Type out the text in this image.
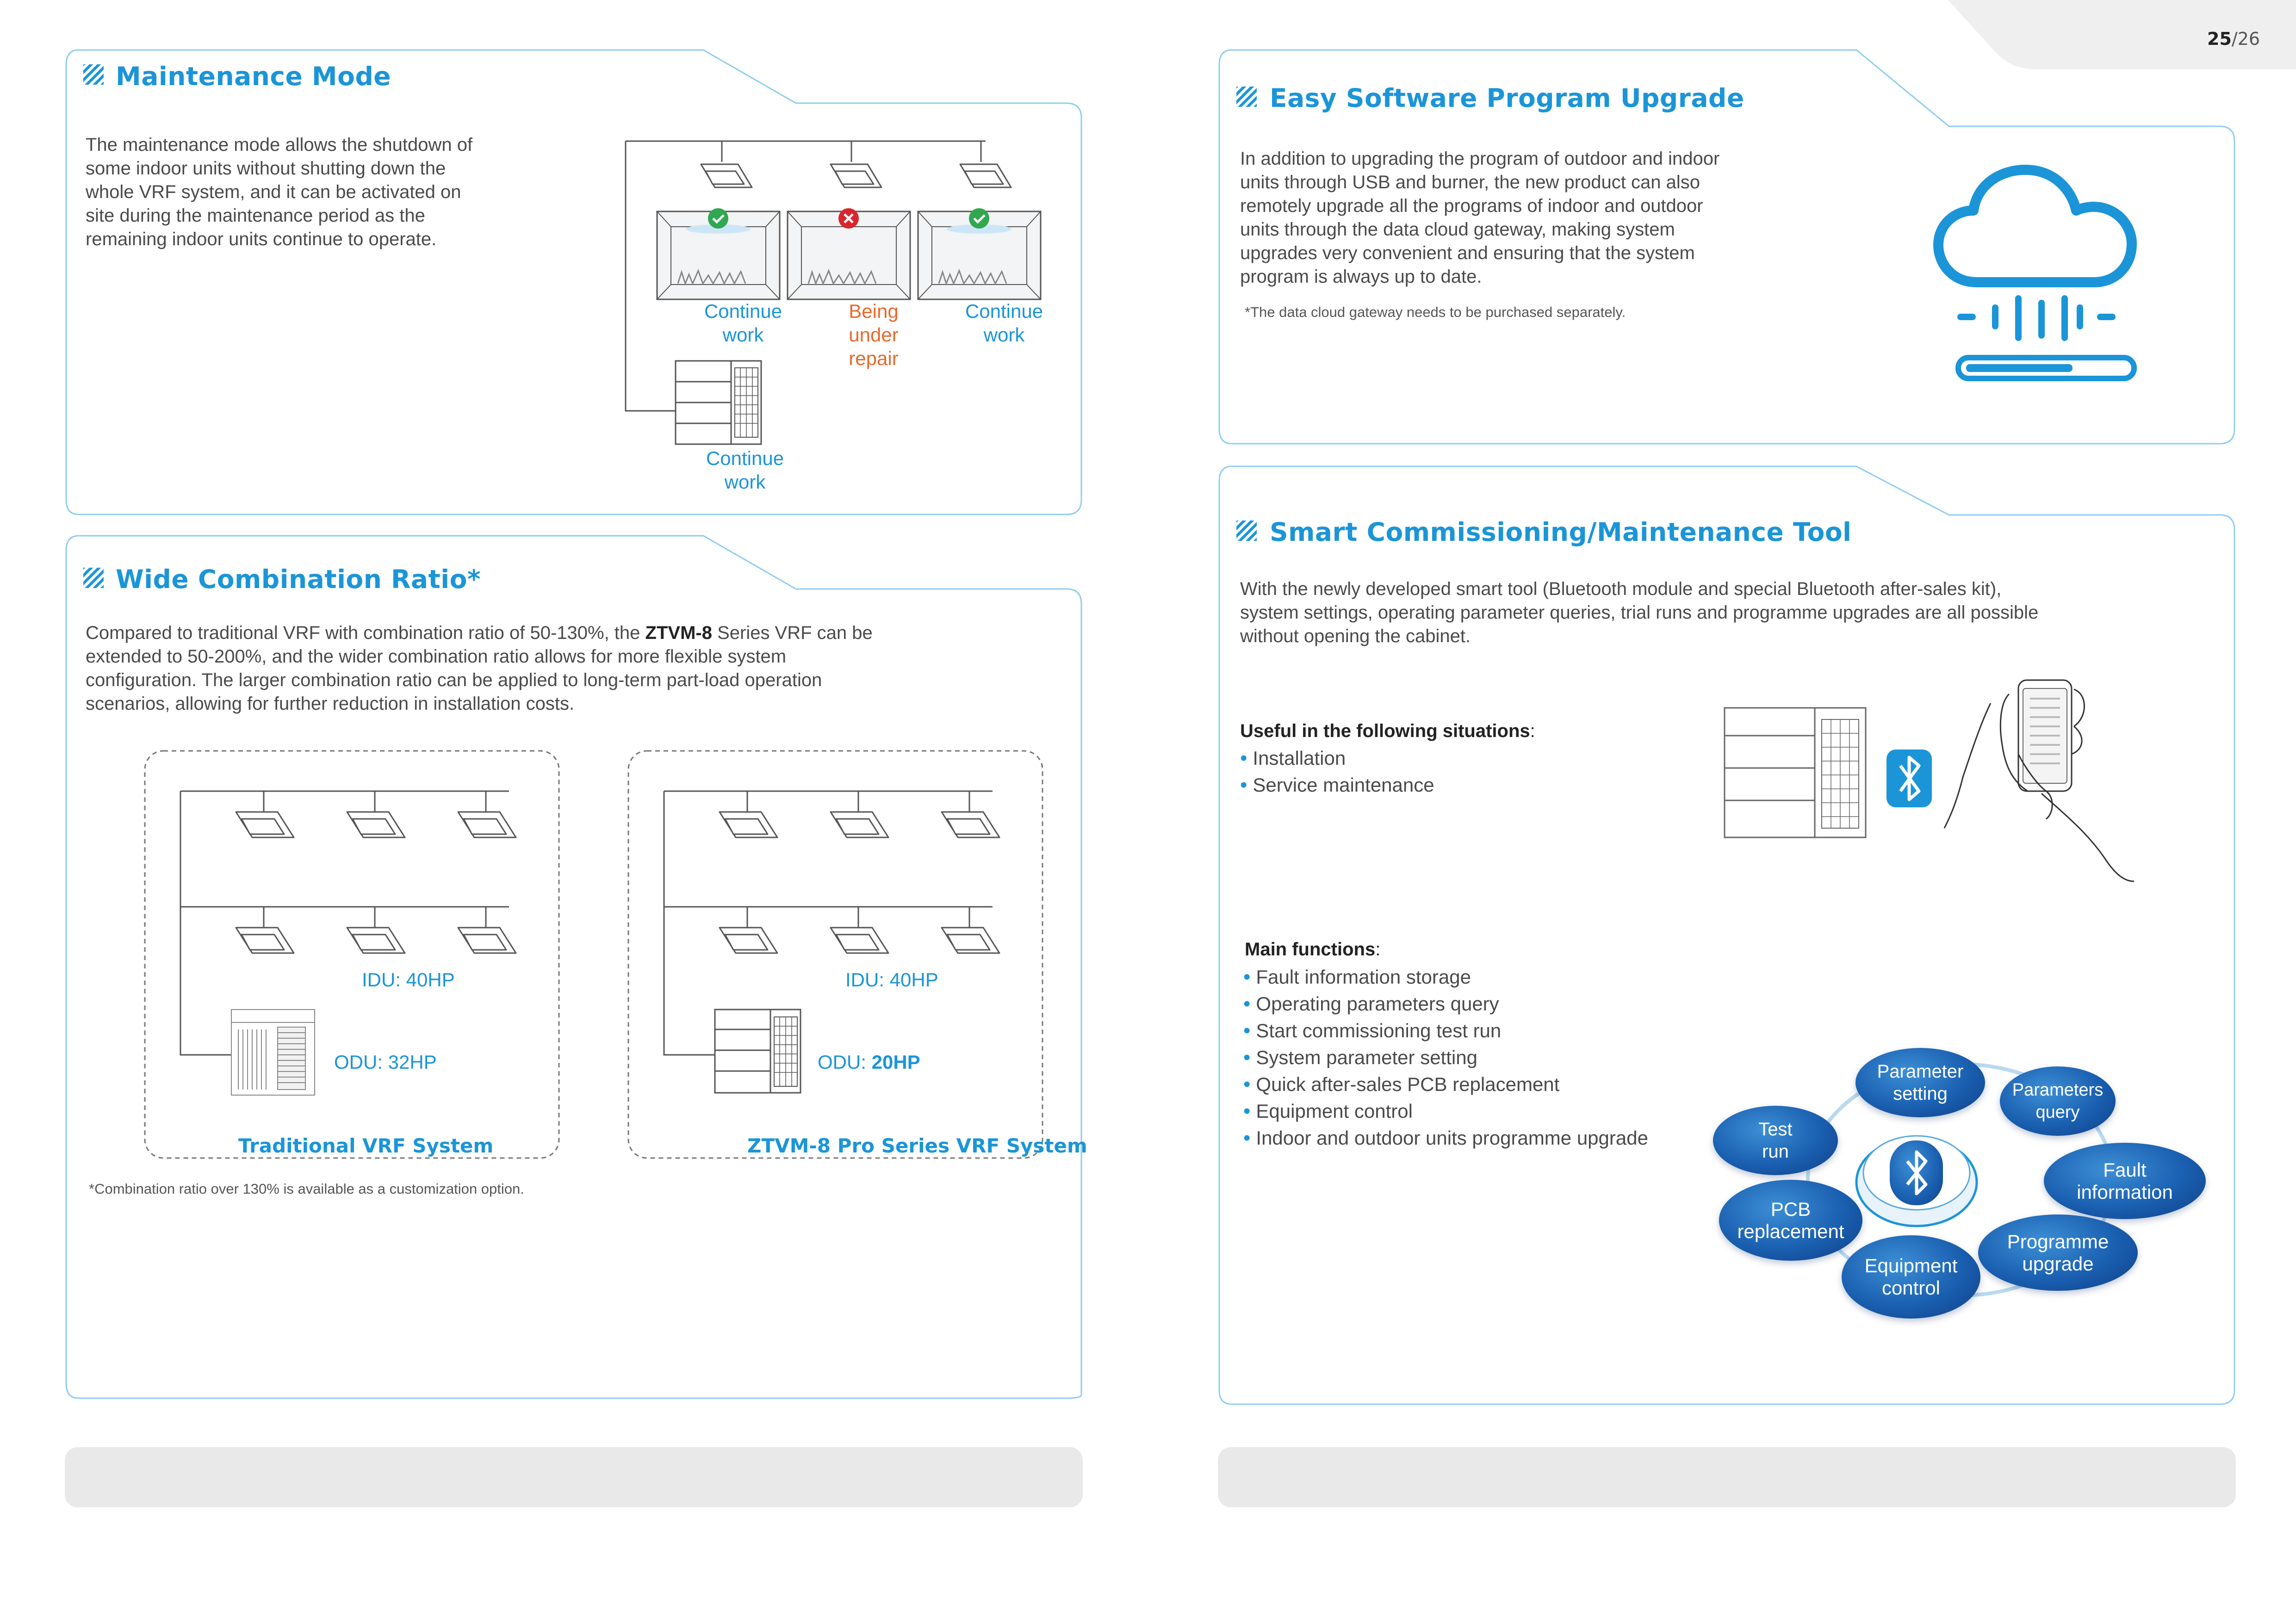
25/26
Maintenance Mode
The maintenance mode allows the shutdown of
some indoor units without shutting down the
whole VRF system, and it can be activated on
site during the maintenance period as the
remaining indoor units continue to operate.
Continue
work
Being
under
repair
Continue
work
Continue
work
Wide Combination Ratio*
Compared to traditional VRF with combination ratio of 50-130%, the ZTVM-8 Series VRF can be
extended to 50-200%, and the wider combination ratio allows for more flexible system
configuration. The larger combination ratio can be applied to long-term part-load operation
scenarios, allowing for further reduction in installation costs.
IDU: 40HP
ODU: 32HP
Traditional VRF System
IDU: 40HP
ODU: 20HP
ZTVM-8 Pro Series VRF System
*Combination ratio over 130% is available as a customization option.
Easy Software Program Upgrade
In addition to upgrading the program of outdoor and indoor
units through USB and burner, the new product can also
remotely upgrade all the programs of indoor and outdoor
units through the data cloud gateway, making system
upgrades very convenient and ensuring that the system
program is always up to date.
*The data cloud gateway needs to be purchased separately.
Smart Commissioning/Maintenance Tool
With the newly developed smart tool (Bluetooth module and special Bluetooth after-sales kit),
system settings, operating parameter queries, trial runs and programme upgrades are all possible
without opening the cabinet.
Useful in the following situations:
• Installation
• Service maintenance
Main functions:
• Fault information storage
• Operating parameters query
• Start commissioning test run
• System parameter setting
• Quick after-sales PCB replacement
• Equipment control
• Indoor and outdoor units programme upgrade
Parameter
setting	Parameters
query
Test
run
Fault
information
PCB
replacement	Programme
upgrade
Equipment
control
